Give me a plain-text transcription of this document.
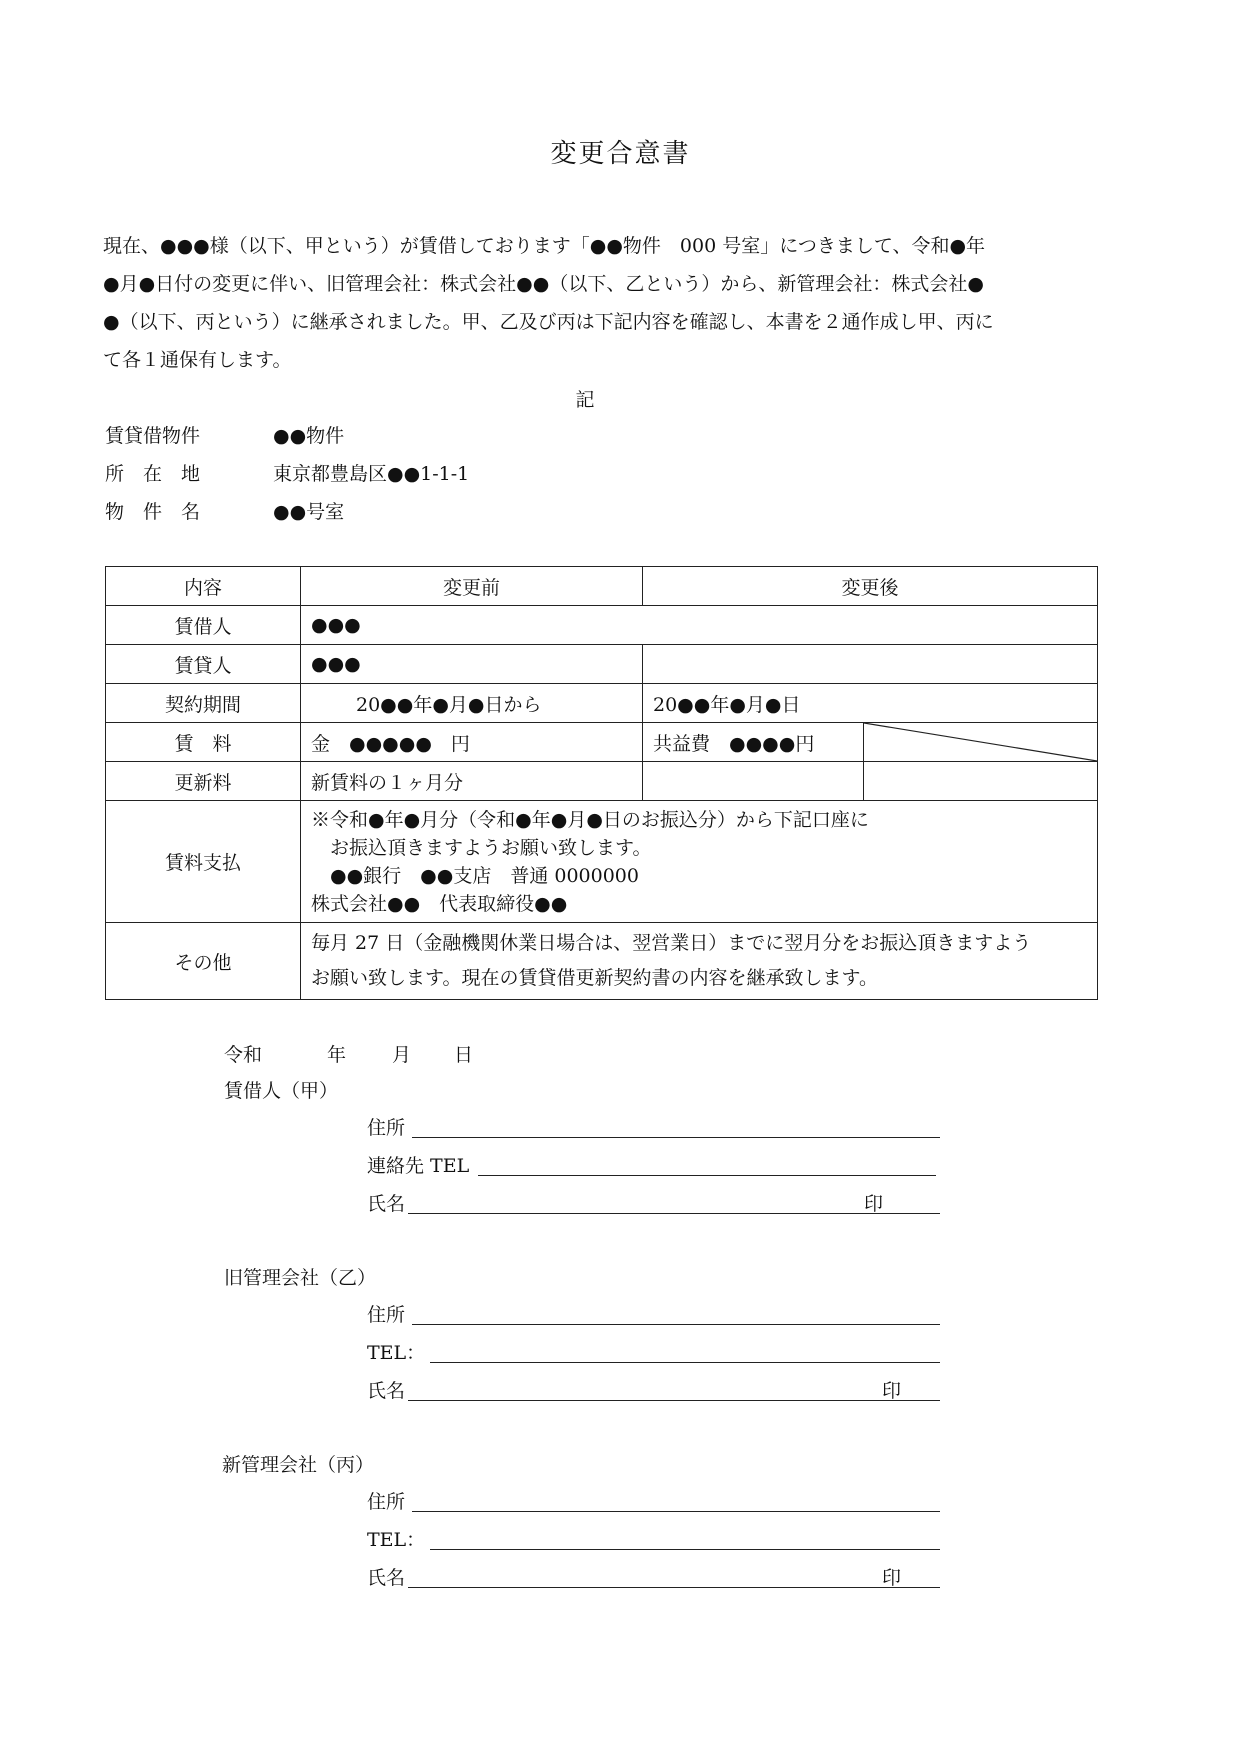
変更合意書
現在、●●●様（以下、甲という）が賃借しております「●●物件　000 号室」につきまして、令和●年
●月●日付の変更に伴い、旧管理会社：株式会社●●（以下、乙という）から、新管理会社：株式会社●
●（以下、丙という）に継承されました。甲、乙及び丙は下記内容を確認し、本書を２通作成し甲、丙に
て各１通保有します。
記
賃貸借物件	●●物件
所　在　地	東京都豊島区●●1-1-1
物　件　名	●●号室
内容	変更前	変更後	
賃借人	●●●		
賃貸人	●●●		
契約期間	20●●年●月●日から	20●●年●月●日	
賃　料	金　●●●●●　円	共益費　●●●●円	

更新料	新賃料の１ヶ月分		
賃料支払	※令和●年●月分（令和●年●月●日のお振込分）から下記口座に
　お振込頂きますようお願い致します。
　●●銀行　●●支店　普通 0000000
株式会社●●　代表取締役●●		

その他	毎月 27 日（金融機関休業日場合は、翌営業日）までに翌月分をお振込頂きますよう
お願い致します。現在の賃貸借更新契約書の内容を継承致します。		
令和	年 月 日
賃借人（甲）
住所
連絡先 TEL
氏名	印
旧管理会社（乙）
住所
TEL：
氏名	印
新管理会社（丙）
住所
TEL：
氏名	印
